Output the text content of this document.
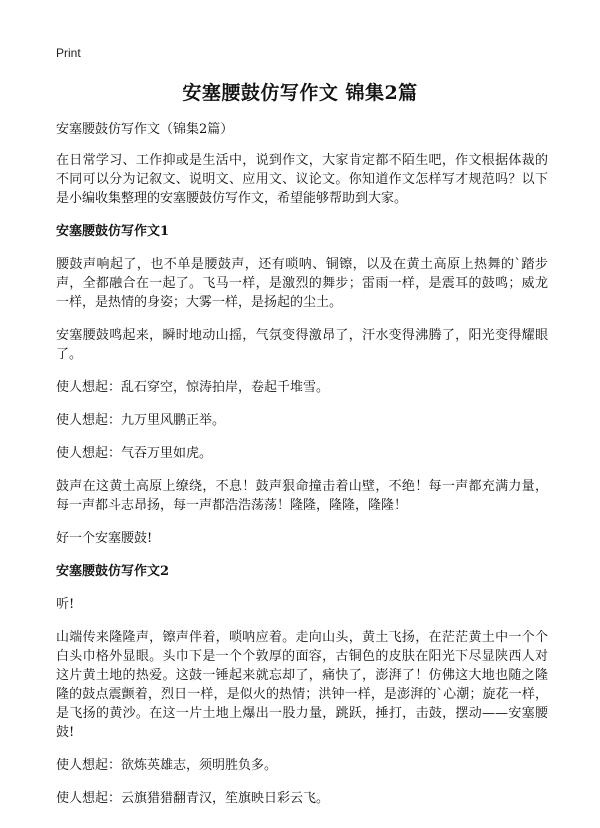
Print
安塞腰鼓仿写作文 锦集2篇

安塞腰鼓仿写作文（锦集2篇）

在日常学习、工作抑或是生活中，说到作文，大家肯定都不陌生吧，作文根据体裁的不同可以分为记叙文、说明文、应用文、议论文。你知道作文怎样写才规范吗？以下是小编收集整理的安塞腰鼓仿写作文，希望能够帮助到大家。

安塞腰鼓仿写作文1

腰鼓声响起了，也不单是腰鼓声，还有唢呐、铜镲，以及在黄土高原上热舞的`踏步声，全都融合在一起了。飞马一样，是激烈的舞步；雷雨一样，是震耳的鼓鸣；威龙一样，是热情的身姿；大雾一样，是扬起的尘土。

安塞腰鼓鸣起来，瞬时地动山摇，气氛变得激昂了，汗水变得沸腾了，阳光变得耀眼了。

使人想起：乱石穿空，惊涛拍岸，卷起千堆雪。

使人想起：九万里风鹏正举。

使人想起：气吞万里如虎。

鼓声在这黄土高原上缭绕，不息！鼓声狠命撞击着山壁，不绝！每一声都充满力量，每一声都斗志昂扬，每一声都浩浩荡荡！隆隆，隆隆，隆隆！

好一个安塞腰鼓!

安塞腰鼓仿写作文2

听!

山端传来隆隆声，镲声伴着，唢呐应着。走向山头，黄土飞扬，在茫茫黄土中一个个白头巾格外显眼。头巾下是一个个敦厚的面容，古铜色的皮肤在阳光下尽显陕西人对这片黄土地的热爱。这鼓一锤起来就忘却了，痛快了，澎湃了！仿佛这大地也随之隆隆的鼓点震颤着，烈日一样，是似火的热情；洪钟一样，是澎湃的`心潮；旋花一样，是飞扬的黄沙。在这一片土地上爆出一股力量，跳跃，捶打，击鼓，摆动——安塞腰鼓!

使人想起：欲炼英雄志，须明胜负多。

使人想起：云旗猎猎翻青汉，笙旗映日彩云飞。
